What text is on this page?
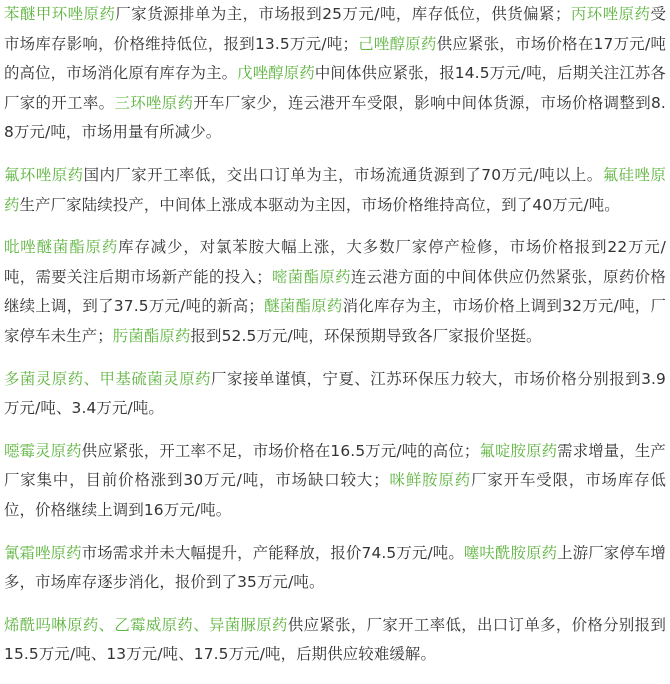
苯醚甲环唑原药厂家货源排单为主，市场报到25万元/吨，库存低位，供货偏紧；丙环唑原药受市场库存影响，价格维持低位，报到13.5万元/吨；己唑醇原药供应紧张，市场价格在17万元/吨的高位，市场消化原有库存为主。戊唑醇原药中间体供应紧张，报14.5万元/吨，后期关注江苏各厂家的开工率。三环唑原药开车厂家少，连云港开车受限，影响中间体货源，市场价格调整到8.8万元/吨，市场用量有所减少。

氟环唑原药国内厂家开工率低，交出口订单为主，市场流通货源到了70万元/吨以上。氟硅唑原药生产厂家陆续投产，中间体上涨成本驱动为主因，市场价格维持高位，到了40万元/吨。

吡唑醚菌酯原药库存减少，对氯苯胺大幅上涨，大多数厂家停产检修，市场价格报到22万元/吨，需要关注后期市场新产能的投入；嘧菌酯原药连云港方面的中间体供应仍然紧张，原药价格继续上调，到了37.5万元/吨的新高；醚菌酯原药消化库存为主，市场价格上调到32万元/吨，厂家停车未生产；肟菌酯原药报到52.5万元/吨，环保预期导致各厂家报价坚挺。

多菌灵原药、甲基硫菌灵原药厂家接单谨慎，宁夏、江苏环保压力较大，市场价格分别报到3.9万元/吨、3.4万元/吨。

噁霉灵原药供应紧张，开工率不足，市场价格在16.5万元/吨的高位；氟啶胺原药需求增量，生产厂家集中，目前价格涨到30万元/吨，市场缺口较大；咪鲜胺原药厂家开车受限，市场库存低位，价格继续上调到16万元/吨。

氰霜唑原药市场需求并未大幅提升，产能释放，报价74.5万元/吨。噻呋酰胺原药上游厂家停车增多，市场库存逐步消化，报价到了35万元/吨。

烯酰吗啉原药、乙霉威原药、异菌脲原药供应紧张，厂家开工率低，出口订单多，价格分别报到15.5万元/吨、13万元/吨、17.5万元/吨，后期供应较难缓解。
